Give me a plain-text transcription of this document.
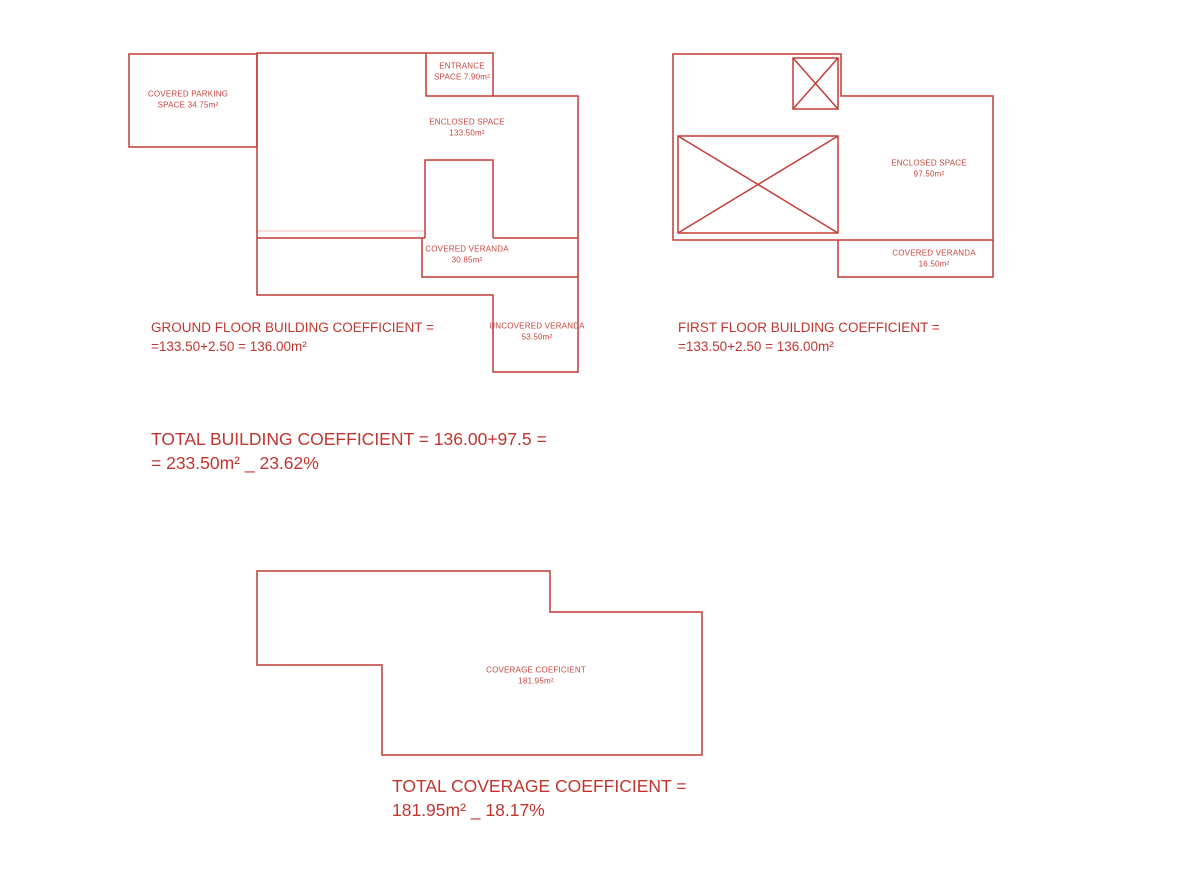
COVERED PARKING
SPACE 34.75m²
ENTRANCE
SPACE 7.90m²
ENCLOSED SPACE
133.50m²
COVERED VERANDA
30.85m²
UNCOVERED VERANDA
53.50m²
ENCLOSED SPACE
97.50m²
COVERED VERANDA
16.50m²
COVERAGE COEFICIENT
181.95m²
GROUND FLOOR BUILDING COEFFICIENT =
=133.50+2.50 = 136.00m²
FIRST FLOOR BUILDING COEFFICIENT =
=133.50+2.50 = 136.00m²
TOTAL BUILDING COEFFICIENT = 136.00+97.5 =
= 233.50m² _ 23.62%
TOTAL COVERAGE COEFFICIENT =
181.95m² _ 18.17%
